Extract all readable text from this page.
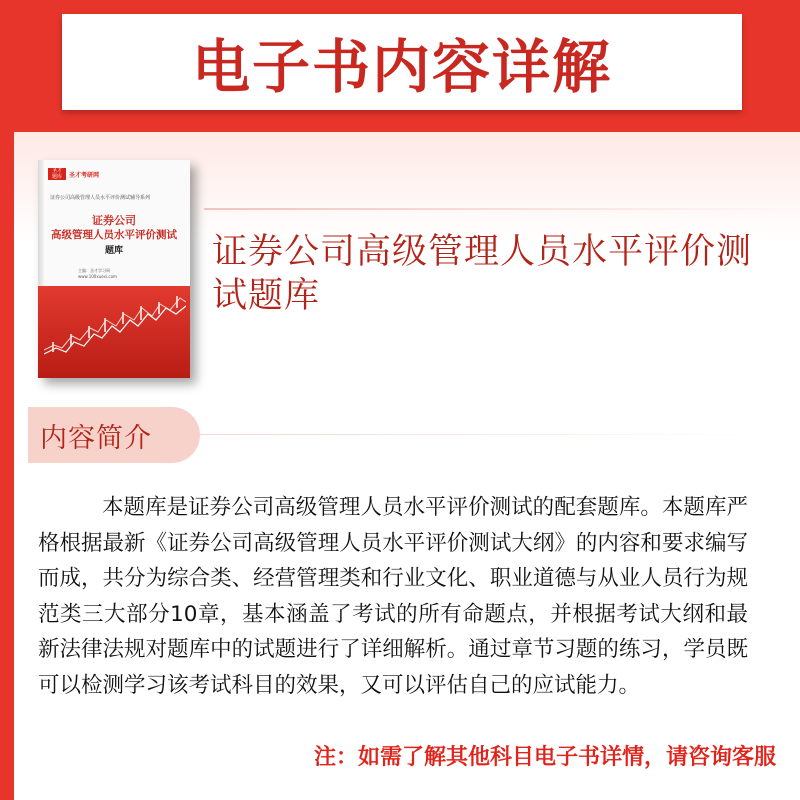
电子书内容详解
圣才
题库	圣才考研网
证券公司高级管理人员水平评价测试辅导系列
证券公司
高级管理人员水平评价测试
题库
主编：圣才学习网
www.100xuexi.com
证券公司高级管理人员水平评价测试题库
内容简介
本题库是证券公司高级管理人员水平评价测试的配套题库。本题库严格根据最新《证券公司高级管理人员水平评价测试大纲》的内容和要求编写而成，共分为综合类、经营管理类和行业文化、职业道德与从业人员行为规范类三大部分10章，基本涵盖了考试的所有命题点，并根据考试大纲和最新法律法规对题库中的试题进行了详细解析。通过章节习题的练习，学员既可以检测学习该考试科目的效果，又可以评估自己的应试能力。
注：如需了解其他科目电子书详情，请咨询客服
